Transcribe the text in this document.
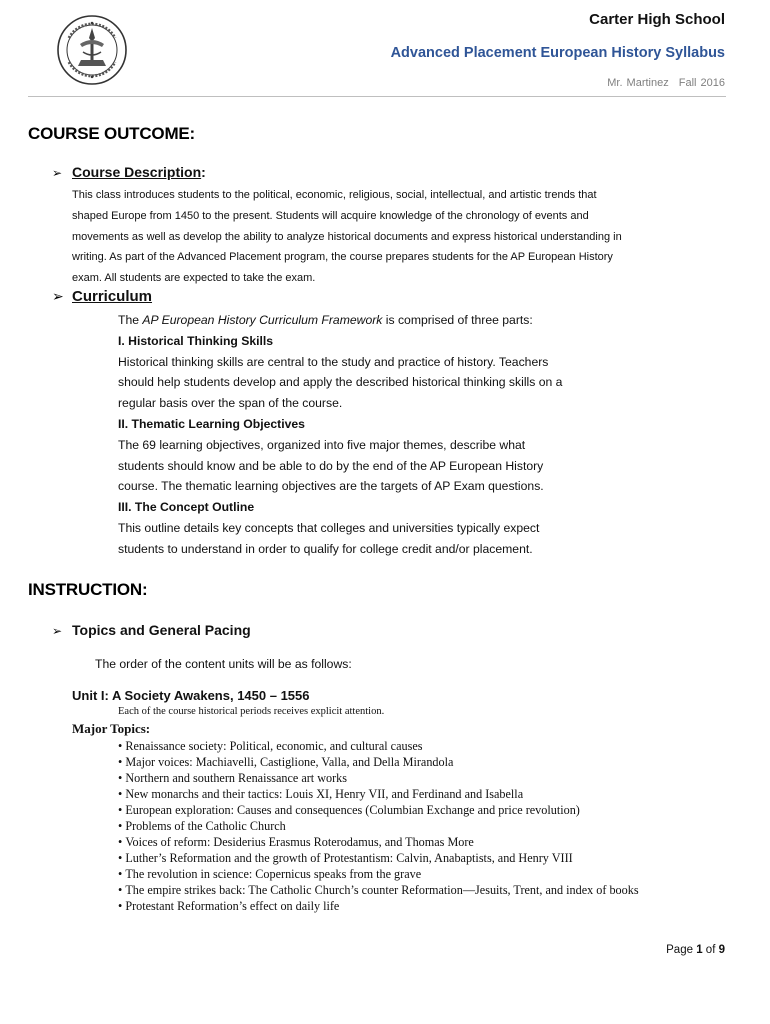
Carter High School
Advanced Placement European History Syllabus
Mr. Martinez Fall 2016
COURSE OUTCOME:
➢ Course Description:
This class introduces students to the political, economic, religious, social, intellectual, and artistic trends that
shaped Europe from 1450 to the present. Students will acquire knowledge of the chronology of events and
movements as well as develop the ability to analyze historical documents and express historical understanding in
writing. As part of the Advanced Placement program, the course prepares students for the AP European History
exam. All students are expected to take the exam.
➢ Curriculum
The AP European History Curriculum Framework is comprised of three parts:
I. Historical Thinking Skills
Historical thinking skills are central to the study and practice of history. Teachers
should help students develop and apply the described historical thinking skills on a
regular basis over the span of the course.
II. Thematic Learning Objectives
The 69 learning objectives, organized into five major themes, describe what
students should know and be able to do by the end of the AP European History
course. The thematic learning objectives are the targets of AP Exam questions.
III. The Concept Outline
This outline details key concepts that colleges and universities typically expect
students to understand in order to qualify for college credit and/or placement.
INSTRUCTION:
➢ Topics and General Pacing
The order of the content units will be as follows:
Unit I: A Society Awakens, 1450 – 1556
Each of the course historical periods receives explicit attention.
Major Topics:
• Renaissance society: Political, economic, and cultural causes
• Major voices: Machiavelli, Castiglione, Valla, and Della Mirandola
• Northern and southern Renaissance art works
• New monarchs and their tactics: Louis XI, Henry VII, and Ferdinand and Isabella
• European exploration: Causes and consequences (Columbian Exchange and price revolution)
• Problems of the Catholic Church
• Voices of reform: Desiderius Erasmus Roterodamus, and Thomas More
• Luther’s Reformation and the growth of Protestantism: Calvin, Anabaptists, and Henry VIII
• The revolution in science: Copernicus speaks from the grave
• The empire strikes back: The Catholic Church’s counter Reformation—Jesuits, Trent, and index of books
• Protestant Reformation’s effect on daily life
Page 1 of 9
